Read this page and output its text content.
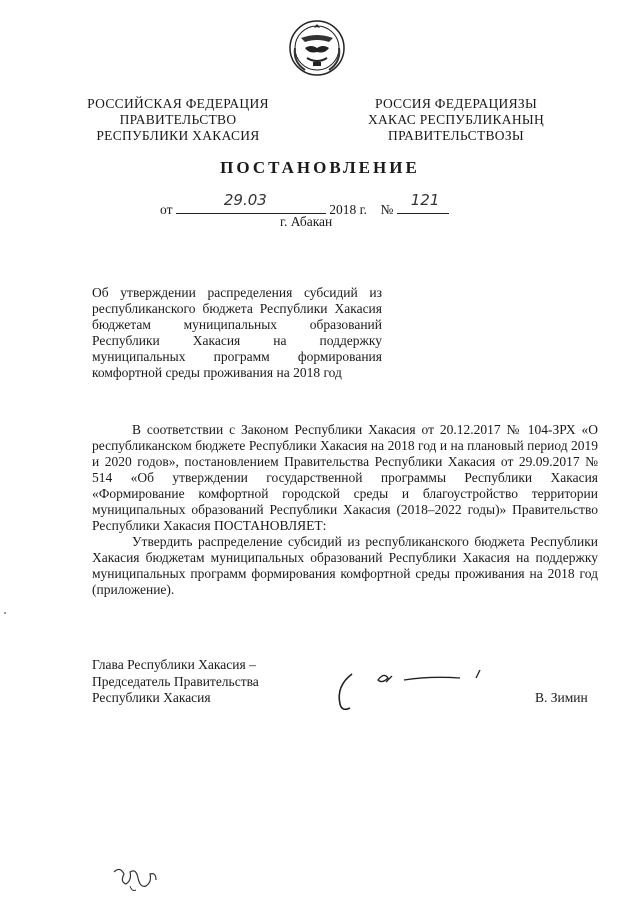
РОССИЙСКАЯ ФЕДЕРАЦИЯ
ПРАВИТЕЛЬСТВО
РЕСПУБЛИКИ ХАКАСИЯ
РОССИЯ ФЕДЕРАЦИЯЗЫ
ХАКАС РЕСПУБЛИКАНЫҢ
ПРАВИТЕЛЬСТВОЗЫ
ПОСТАНОВЛЕНИЕ
от
29.03
2018 г. №
121
г. Абакан
Об утверждении распределения субсидий из республиканского бюджета Республики Хакасия бюджетам муниципальных образований Республики Хакасия на поддержку муниципальных программ формирования комфортной среды проживания на 2018 год

В соответствии с Законом Республики Хакасия от 20.12.2017 № 104-ЗРХ «О республиканском бюджете Республики Хакасия на 2018 год и на плановый период 2019 и 2020 годов», постановлением Правительства Республики Хакасия от 29.09.2017 № 514 «Об утверждении государственной программы Республики Хакасия «Формирование комфортной городской среды и благоустройство территории муниципальных образований Республики Хакасия (2018–2022 годы)» Правительство Республики Хакасия ПОСТАНОВЛЯЕТ:

Утвердить распределение субсидий из республиканского бюджета Республики Хакасия бюджетам муниципальных образований Республики Хакасия на поддержку муниципальных программ формирования комфортной среды проживания на 2018 год (приложение).

Глава Республики Хакасия –
Председатель Правительства
Республики Хакасия	В. Зимин
